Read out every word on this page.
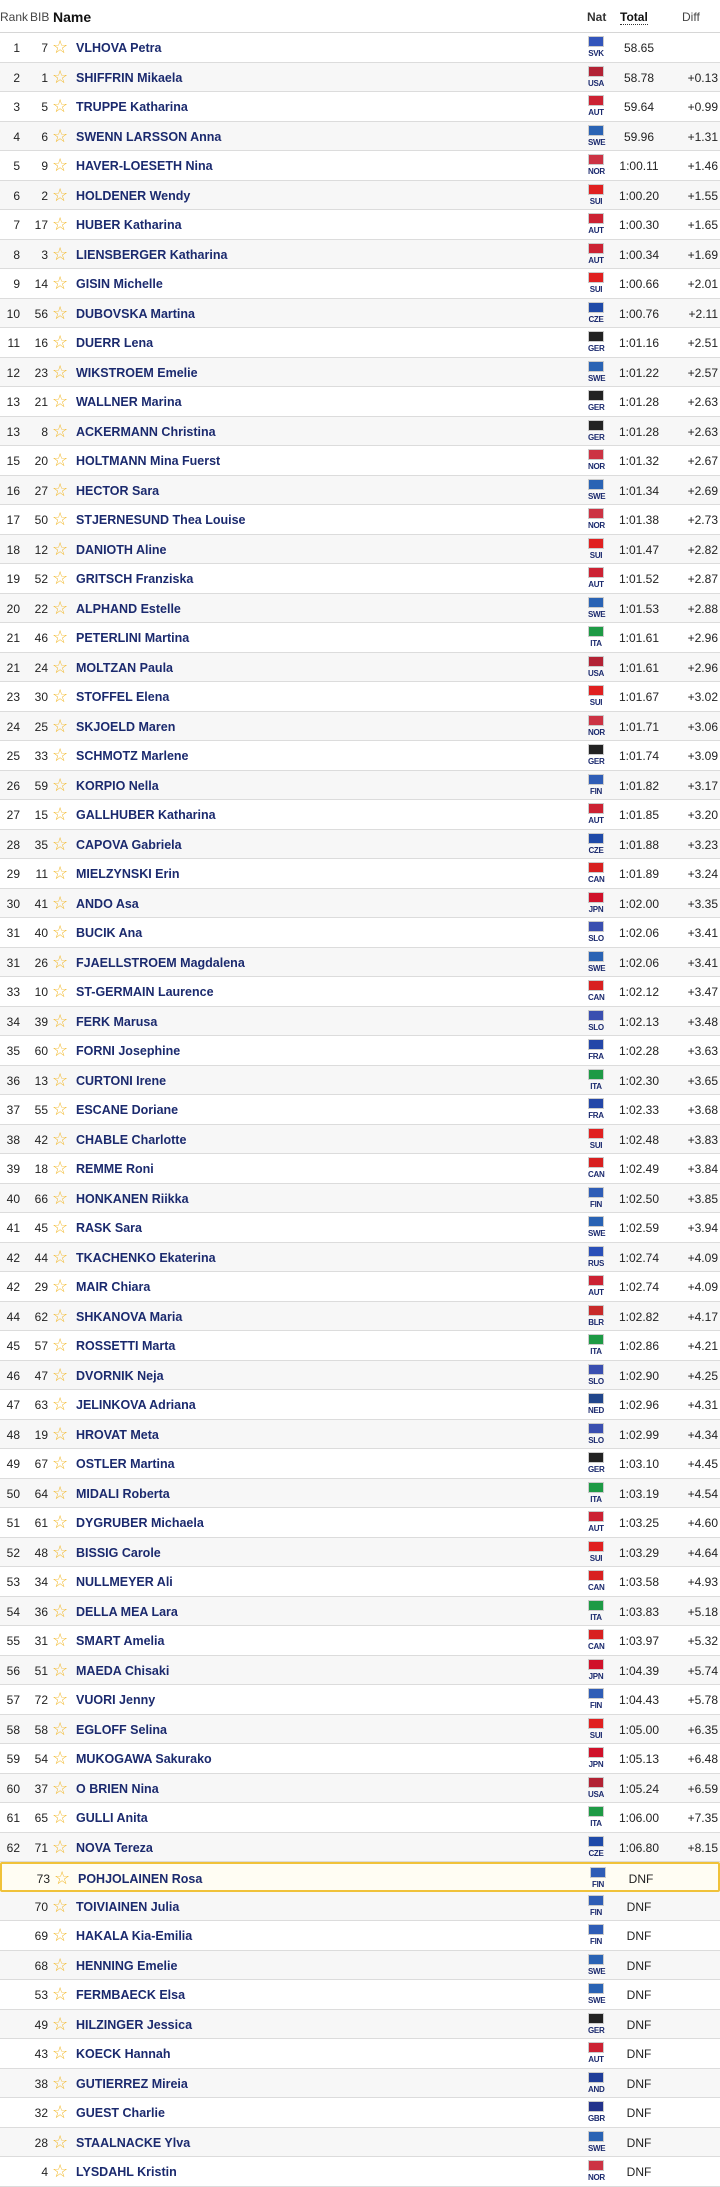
Rank BIB Name	Nat Total	Diff
1	7 ☆ VLHOVA Petra	SVK	58.65
2	1 ☆ SHIFFRIN Mikaela	USA	58.78	+0.13
3	5 ☆ TRUPPE Katharina	AUT	59.64	+0.99
4	6 ☆ SWENN LARSSON Anna	SWE	59.96	+1.31
5	9 ☆ HAVER-LOESETH Nina	NOR 1:00.11	+1.46
6	2 ☆ HOLDENER Wendy	SUI 1:00.20	+1.55
7	17 ☆ HUBER Katharina	AUT 1:00.30	+1.65
8	3 ☆ LIENSBERGER Katharina	AUT 1:00.34	+1.69
9	14 ☆ GISIN Michelle	SUI 1:00.66	+2.01
10	56 ☆ DUBOVSKA Martina	CZE 1:00.76	+2.11
11	16 ☆ DUERR Lena	GER 1:01.16	+2.51
12	23 ☆ WIKSTROEM Emelie	SWE 1:01.22	+2.57
13	21 ☆ WALLNER Marina	GER 1:01.28	+2.63
13	8 ☆ ACKERMANN Christina	GER 1:01.28	+2.63
15	20 ☆ HOLTMANN Mina Fuerst	NOR 1:01.32	+2.67
16	27 ☆ HECTOR Sara	SWE 1:01.34	+2.69
17	50 ☆ STJERNESUND Thea Louise	NOR 1:01.38	+2.73
18	12 ☆ DANIOTH Aline	SUI 1:01.47	+2.82
19	52 ☆ GRITSCH Franziska	AUT 1:01.52	+2.87
20	22 ☆ ALPHAND Estelle	SWE 1:01.53	+2.88
21	46 ☆ PETERLINI Martina	ITA 1:01.61	+2.96
21	24 ☆ MOLTZAN Paula	USA 1:01.61	+2.96
23	30 ☆ STOFFEL Elena	SUI 1:01.67	+3.02
24	25 ☆ SKJOELD Maren	NOR 1:01.71	+3.06
25	33 ☆ SCHMOTZ Marlene	GER 1:01.74	+3.09
26	59 ☆ KORPIO Nella	FIN 1:01.82	+3.17
27	15 ☆ GALLHUBER Katharina	AUT 1:01.85	+3.20
28	35 ☆ CAPOVA Gabriela	CZE 1:01.88	+3.23
29	11 ☆ MIELZYNSKI Erin	CAN 1:01.89	+3.24
30	41 ☆ ANDO Asa	JPN 1:02.00	+3.35
31	40 ☆ BUCIK Ana	SLO 1:02.06	+3.41
31	26 ☆ FJAELLSTROEM Magdalena	SWE 1:02.06	+3.41
33	10 ☆ ST-GERMAIN Laurence	CAN 1:02.12	+3.47
34	39 ☆ FERK Marusa	SLO 1:02.13	+3.48
35	60 ☆ FORNI Josephine	FRA 1:02.28	+3.63
36	13 ☆ CURTONI Irene	ITA 1:02.30	+3.65
37	55 ☆ ESCANE Doriane	FRA 1:02.33	+3.68
38	42 ☆ CHABLE Charlotte	SUI 1:02.48	+3.83
39	18 ☆ REMME Roni	CAN 1:02.49	+3.84
40	66 ☆ HONKANEN Riikka	FIN 1:02.50	+3.85
41	45 ☆ RASK Sara	SWE 1:02.59	+3.94
42	44 ☆ TKACHENKO Ekaterina	RUS 1:02.74	+4.09
42	29 ☆ MAIR Chiara	AUT 1:02.74	+4.09
44	62 ☆ SHKANOVA Maria	BLR 1:02.82	+4.17
45	57 ☆ ROSSETTI Marta	ITA 1:02.86	+4.21
46	47 ☆ DVORNIK Neja	SLO 1:02.90	+4.25
47	63 ☆ JELINKOVA Adriana	NED 1:02.96	+4.31
48	19 ☆ HROVAT Meta	SLO 1:02.99	+4.34
49	67 ☆ OSTLER Martina	GER 1:03.10	+4.45
50	64 ☆ MIDALI Roberta	ITA 1:03.19	+4.54
51	61 ☆ DYGRUBER Michaela	AUT 1:03.25	+4.60
52	48 ☆ BISSIG Carole	SUI 1:03.29	+4.64
53	34 ☆ NULLMEYER Ali	CAN 1:03.58	+4.93
54	36 ☆ DELLA MEA Lara	ITA 1:03.83	+5.18
55	31 ☆ SMART Amelia	CAN 1:03.97	+5.32
56	51 ☆ MAEDA Chisaki	JPN 1:04.39	+5.74
57	72 ☆ VUORI Jenny	FIN 1:04.43	+5.78
58	58 ☆ EGLOFF Selina	SUI 1:05.00	+6.35
59	54 ☆ MUKOGAWA Sakurako	JPN 1:05.13	+6.48
60	37 ☆ O BRIEN Nina	USA 1:05.24	+6.59
61	65 ☆ GULLI Anita	ITA 1:06.00	+7.35
62	71 ☆ NOVA Tereza	CZE 1:06.80	+8.15
73 ☆ POHJOLAINEN Rosa	FIN	DNF
70 ☆ TOIVIAINEN Julia	FIN	DNF
69 ☆ HAKALA Kia-Emilia	FIN	DNF
68 ☆ HENNING Emelie	SWE	DNF
53 ☆ FERMBAECK Elsa	SWE	DNF
49 ☆ HILZINGER Jessica	GER	DNF
43 ☆ KOECK Hannah	AUT	DNF
38 ☆ GUTIERREZ Mireia	AND	DNF
32 ☆ GUEST Charlie	GBR	DNF
28 ☆ STAALNACKE Ylva	SWE	DNF
4 ☆ LYSDAHL Kristin	NOR	DNF
